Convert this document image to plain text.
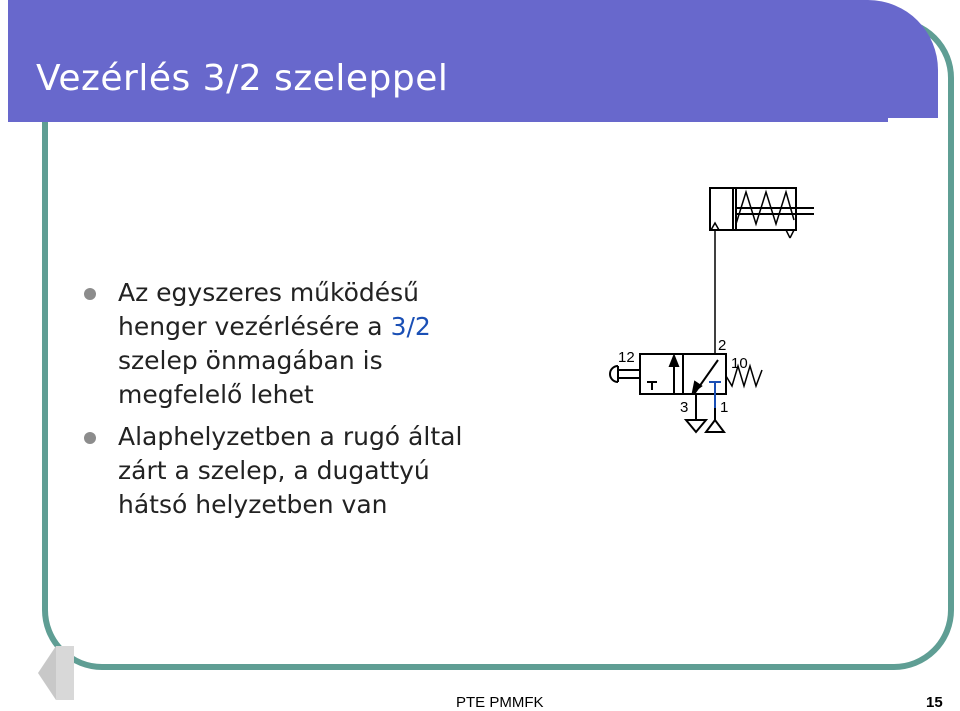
Vezérlés 3/2 szeleppel
Az egyszeres működésű
henger vezérlésére a 3/2
szelep önmagában is
megfelelő lehet
Alaphelyzetben a rugó által
zárt a szelep, a dugattyú
hátsó helyzetben van
12
2
10
3 1
PTE PMMFK	15
